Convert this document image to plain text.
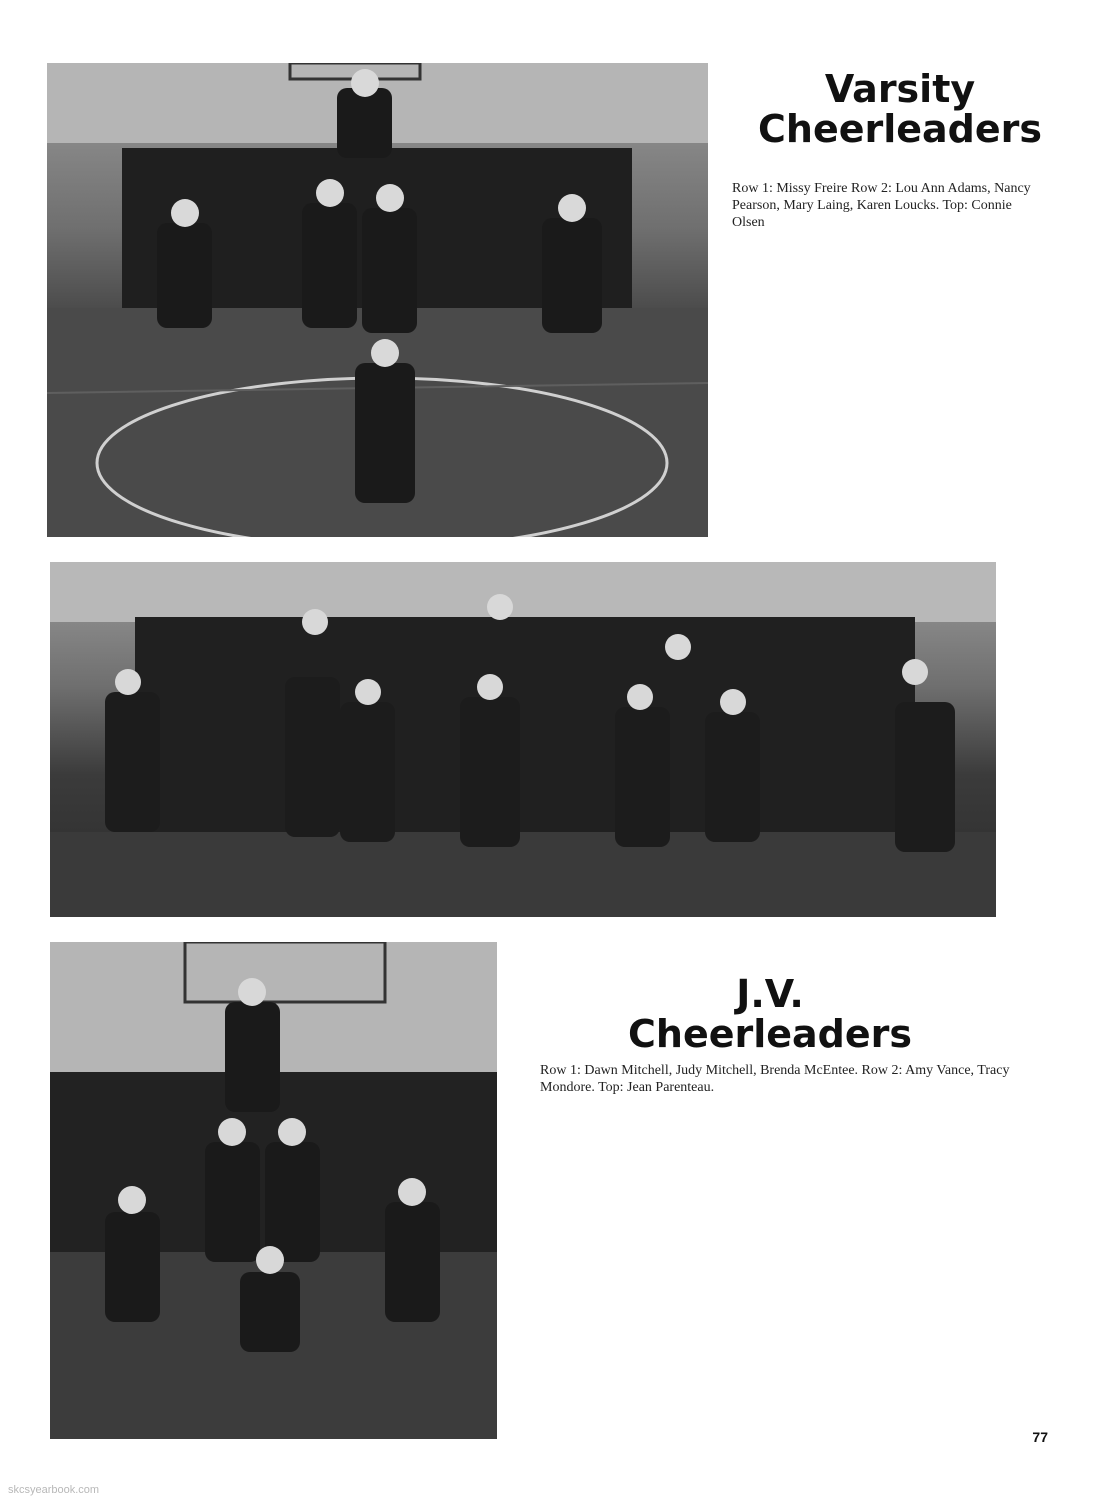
Varsity
Cheerleaders
Row 1: Missy Freire Row 2: Lou Ann Adams, Nancy Pearson, Mary Laing, Karen Loucks. Top: Connie Olsen
J.V. Cheerleaders
Row 1: Dawn Mitchell, Judy Mitchell, Brenda McEntee. Row 2: Amy Vance, Tracy Mondore. Top: Jean Parenteau.
77
skcsyearbook.com
